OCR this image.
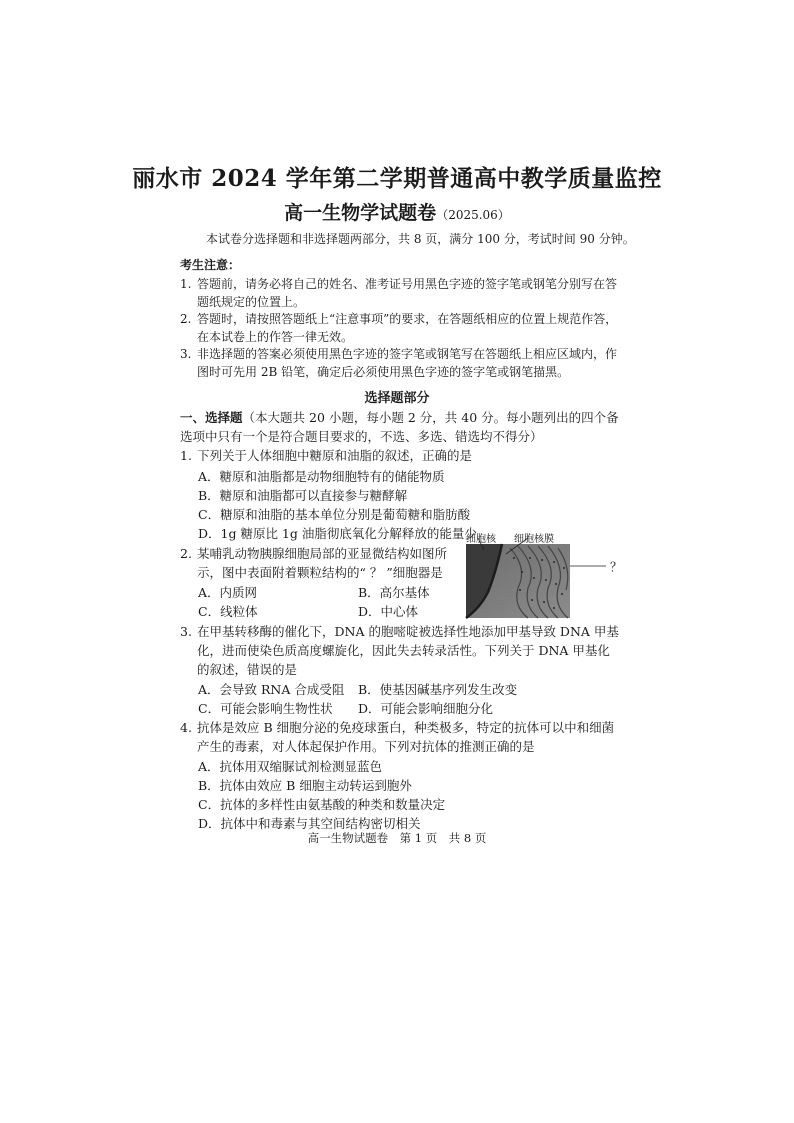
丽水市 2024 学年第二学期普通高中教学质量监控
高一生物学试题卷（2025.06）
本试卷分选择题和非选择题两部分，共 8 页，满分 100 分，考试时间 90 分钟。
考生注意：
1. 答题前，请务必将自己的姓名、准考证号用黑色字迹的签字笔或钢笔分别写在答题纸规定的位置上。
2. 答题时，请按照答题纸上“注意事项”的要求，在答题纸相应的位置上规范作答，在本试卷上的作答一律无效。
3. 非选择题的答案必须使用黑色字迹的签字笔或钢笔写在答题纸上相应区域内，作图时可先用 2B 铅笔，确定后必须使用黑色字迹的签字笔或钢笔描黑。
选择题部分
一、选择题（本大题共 20 小题，每小题 2 分，共 40 分。每小题列出的四个备选项中只有一个是符合题目要求的，不选、多选、错选均不得分）
1. 下列关于人体细胞中糖原和油脂的叙述，正确的是
A．糖原和油脂都是动物细胞特有的储能物质
B．糖原和油脂都可以直接参与糖酵解
C．糖原和油脂的基本单位分别是葡萄糖和脂肪酸
D．1g 糖原比 1g 油脂彻底氧化分解释放的能量少
2. 某哺乳动物胰腺细胞局部的亚显微结构如图所示，图中表面附着颗粒结构的“ ？ ”细胞器是
A．内质网	B．高尔基体
C．线粒体	D．中心体
细胞核 细胞核膜
？
3. 在甲基转移酶的催化下，DNA 的胞嘧啶被选择性地添加甲基导致 DNA 甲基化，进而使染色质高度螺旋化，因此失去转录活性。下列关于 DNA 甲基化的叙述，错误的是
A．会导致 RNA 合成受阻 B．使基因碱基序列发生改变
C．可能会影响生物性状 D．可能会影响细胞分化
4. 抗体是效应 B 细胞分泌的免疫球蛋白，种类极多，特定的抗体可以中和细菌产生的毒素，对人体起保护作用。下列对抗体的推测正确的是
A．抗体用双缩脲试剂检测显蓝色
B．抗体由效应 B 细胞主动转运到胞外
C．抗体的多样性由氨基酸的种类和数量决定
D．抗体中和毒素与其空间结构密切相关
高一生物试题卷　第 1 页　共 8 页
